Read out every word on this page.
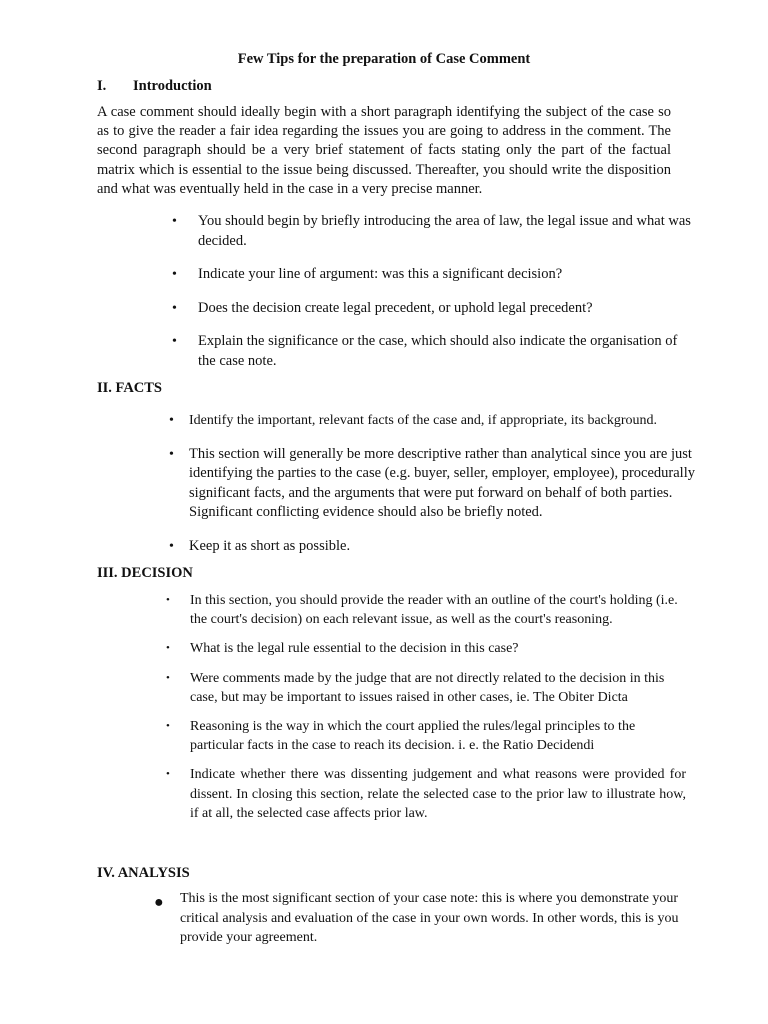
Few Tips for the preparation of Case Comment
I. Introduction
A case comment should ideally begin with a short paragraph identifying the subject of the case so as to give the reader a fair idea regarding the issues you are going to address in the comment. The second paragraph should be a very brief statement of facts stating only the part of the factual matrix which is essential to the issue being discussed. Thereafter, you should write the disposition and what was eventually held in the case in a very precise manner.
• You should begin by briefly introducing the area of law, the legal issue and what was decided.
• Indicate your line of argument: was this a significant decision?
• Does the decision create legal precedent, or uphold legal precedent?
• Explain the significance or the case, which should also indicate the organisation of the case note.
II. FACTS
• Identify the important, relevant facts of the case and, if appropriate, its background.
• This section will generally be more descriptive rather than analytical since you are just identifying the parties to the case (e.g. buyer, seller, employer, employee), procedurally significant facts, and the arguments that were put forward on behalf of both parties. Significant conflicting evidence should also be briefly noted.
• Keep it as short as possible.
III. DECISION
• In this section, you should provide the reader with an outline of the court's holding (i.e. the court's decision) on each relevant issue, as well as the court's reasoning.
• What is the legal rule essential to the decision in this case?
• Were comments made by the judge that are not directly related to the decision in this case, but may be important to issues raised in other cases, ie. The Obiter Dicta
• Reasoning is the way in which the court applied the rules/legal principles to the particular facts in the case to reach its decision. i. e. the Ratio Decidendi
• Indicate whether there was dissenting judgement and what reasons were provided for dissent. In closing this section, relate the selected case to the prior law to illustrate how, if at all, the selected case affects prior law.
IV. ANALYSIS
● This is the most significant section of your case note: this is where you demonstrate your critical analysis and evaluation of the case in your own words. In other words, this is you provide your agreement.
